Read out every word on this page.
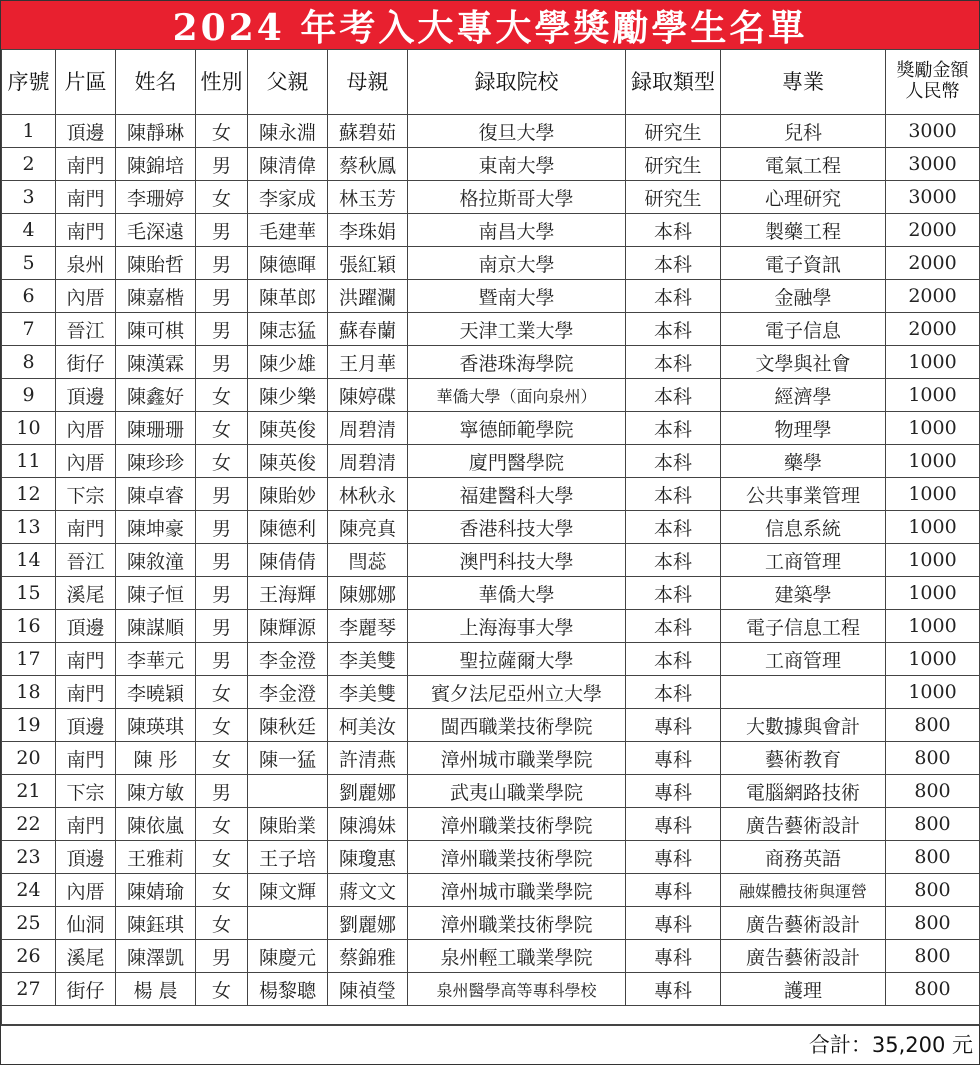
2024 年考入大專大學獎勵學生名單
序號	片區	姓名	性別	父親	母親	録取院校	録取類型	專業	獎勵金額
人民幣
1	頂邊	陳靜琳	女	陳永淵	蘇碧茹	復旦大學	研究生	兒科	3000
2	南門	陳錦培	男	陳清偉	蔡秋鳳	東南大學	研究生	電氣工程	3000
3	南門	李珊婷	女	李家成	林玉芳	格拉斯哥大學	研究生	心理研究	3000
4	南門	毛深遠	男	毛建華	李珠娟	南昌大學	本科	製藥工程	2000
5	泉州	陳貽哲	男	陳德暉	張紅穎	南京大學	本科	電子資訊	2000
6	內厝	陳嘉楷	男	陳革郎	洪躍瀾	暨南大學	本科	金融學	2000
7	晉江	陳可棋	男	陳志猛	蘇春蘭	天津工業大學	本科	電子信息	2000
8	街仔	陳漢霖	男	陳少雄	王月華	香港珠海學院	本科	文學與社會	1000
9	頂邊	陳鑫好	女	陳少樂	陳婷碟	華僑大學（面向泉州）	本科	經濟學	1000
10	內厝	陳珊珊	女	陳英俊	周碧清	寧德師範學院	本科	物理學	1000
11	內厝	陳珍珍	女	陳英俊	周碧清	廈門醫學院	本科	藥學	1000
12	下宗	陳卓睿	男	陳貽妙	林秋永	福建醫科大學	本科	公共事業管理	1000
13	南門	陳坤豪	男	陳德利	陳亮真	香港科技大學	本科	信息系統	1000
14	晉江	陳敘潼	男	陳倩倩	閆蕊	澳門科技大學	本科	工商管理	1000
15	溪尾	陳子恒	男	王海輝	陳娜娜	華僑大學	本科	建築學	1000
16	頂邊	陳謀順	男	陳輝源	李麗琴	上海海事大學	本科	電子信息工程	1000
17	南門	李華元	男	李金澄	李美雙	聖拉薩爾大學	本科	工商管理	1000
18	南門	李曉穎	女	李金澄	李美雙	賓夕法尼亞州立大學	本科		1000
19	頂邊	陳瑛琪	女	陳秋廷	柯美汝	閩西職業技術學院	專科	大數據與會計	800
20	南門	陳 彤	女	陳一猛	許清燕	漳州城市職業學院	專科	藝術教育	800
21	下宗	陳方敏	男		劉麗娜	武夷山職業學院	專科	電腦網路技術	800
22	南門	陳依嵐	女	陳貽業	陳鴻妹	漳州職業技術學院	專科	廣告藝術設計	800
23	頂邊	王雅莉	女	王子培	陳瓊惠	漳州職業技術學院	專科	商務英語	800
24	內厝	陳婧瑜	女	陳文輝	蔣文文	漳州城市職業學院	專科	融媒體技術與運營	800
25	仙洞	陳鈺琪	女		劉麗娜	漳州職業技術學院	專科	廣告藝術設計	800
26	溪尾	陳澤凱	男	陳慶元	蔡錦雅	泉州輕工職業學院	專科	廣告藝術設計	800
27	街仔	楊 晨	女	楊黎聰	陳禎瑩	泉州醫學高等專科學校	專科	護理	800

合計：35,200 元
